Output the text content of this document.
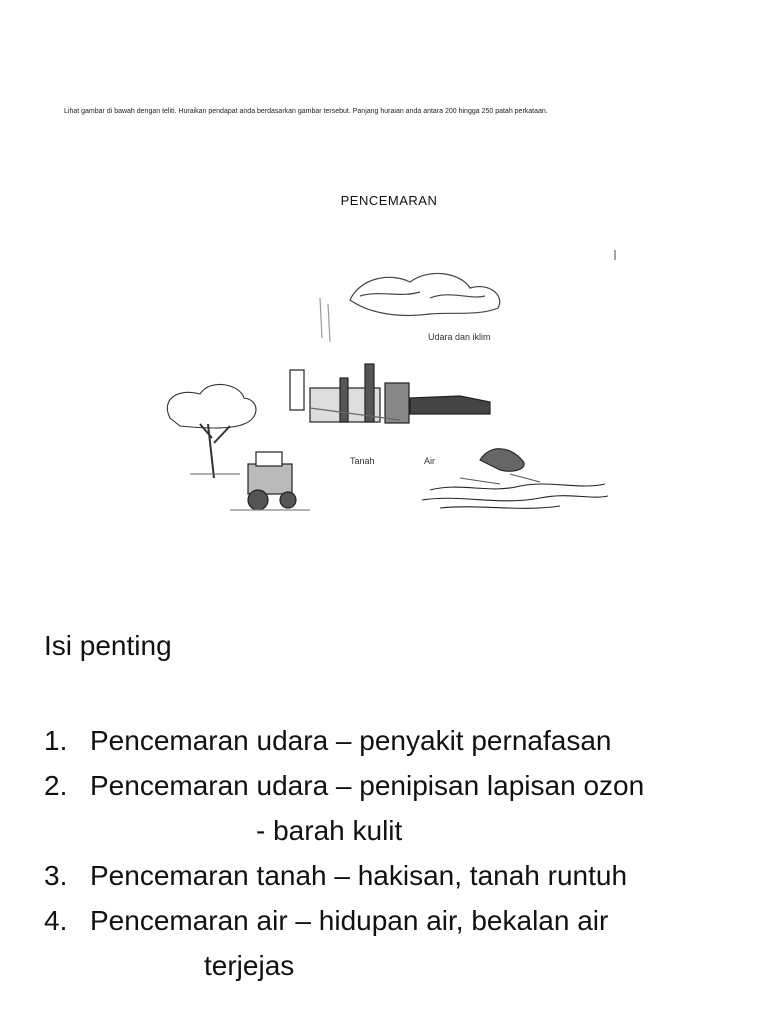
Lihat gambar di bawah dengan teliti. Huraikan pendapat anda berdasarkan gambar tersebut. Panjang huraian anda antara 200 hingga 250 patah perkataan.
PENCEMARAN
Udara dan iklim
Tanah	Air
Isi penting
1. Pencemaran udara – penyakit pernafasan
2. Pencemaran udara – penipisan lapisan ozon
- barah kulit
3. Pencemaran tanah – hakisan, tanah runtuh
4. Pencemaran air – hidupan air, bekalan air
terjejas
